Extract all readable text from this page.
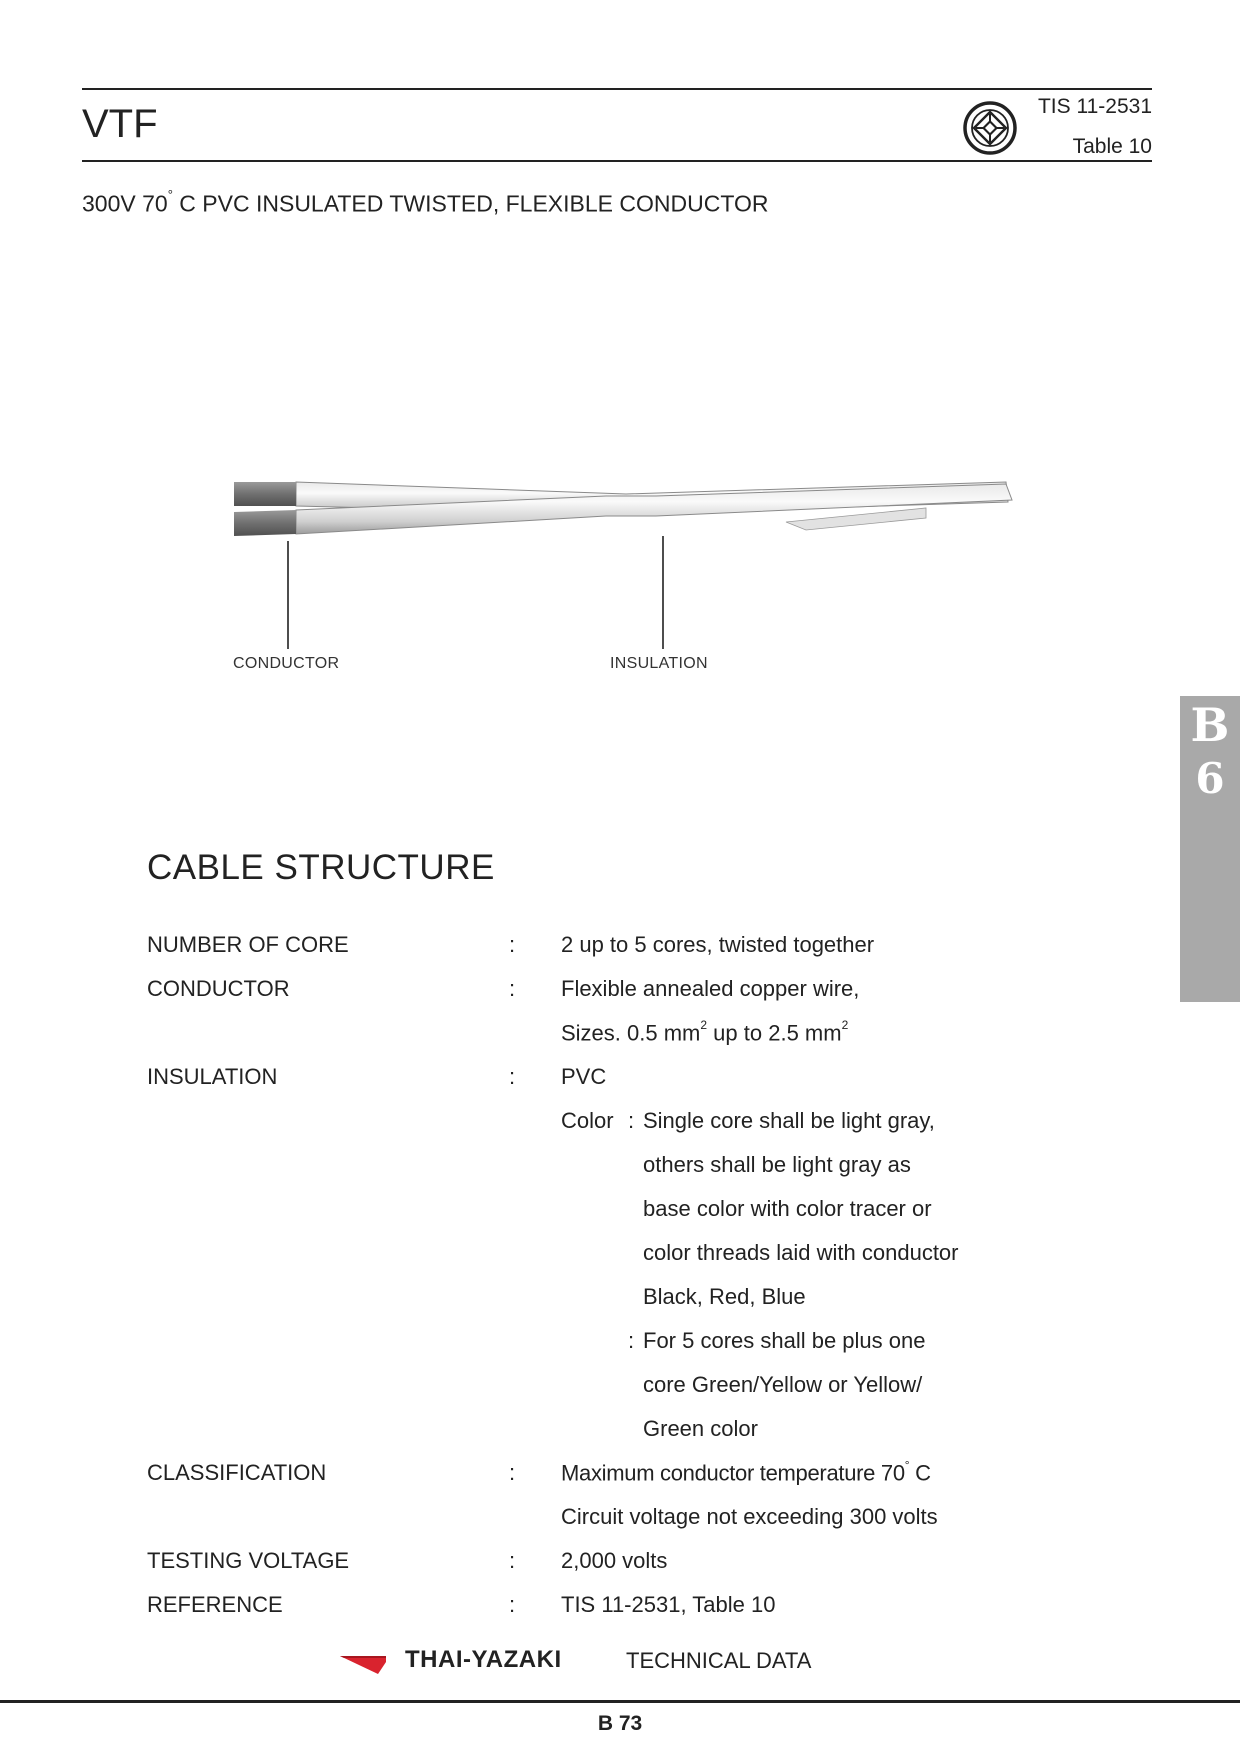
VTF	TIS 11-2531
Table 10
300V 70° C PVC INSULATED TWISTED, FLEXIBLE CONDUCTOR
CONDUCTOR	INSULATION
B
6
CABLE STRUCTURE
NUMBER OF CORE	: 2 up to 5 cores, twisted together
CONDUCTOR	: Flexible annealed copper wire,
Sizes. 0.5 $mm^2$ up to 2.5 $mm^2$
INSULATION	: PVC
Color : Single core shall be light gray,
others shall be light gray as
base color with color tracer or
color threads laid with conductor
Black, Red, Blue
: For 5 cores shall be plus one
core Green/Yellow or Yellow/
Green color
CLASSIFICATION	: Maximum conductor temperature 70° C
Circuit voltage not exceeding 300 volts
TESTING VOLTAGE	: 2,000 volts
REFERENCE	: TIS 11-2531, Table 10
THAI-YAZAKI	TECHNICAL DATA
B 73
